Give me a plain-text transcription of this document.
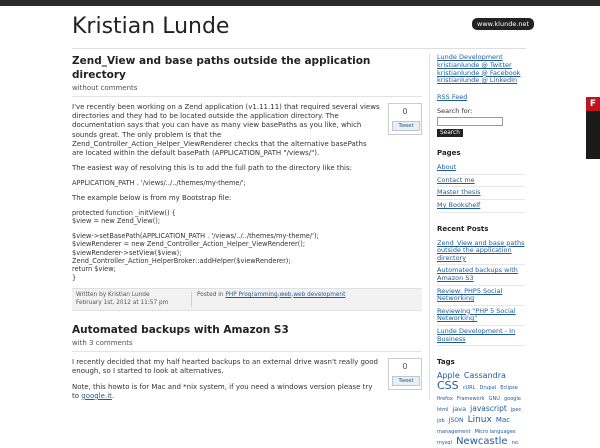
Kristian Lunde	www.klunde.net
Zend_View and base paths outside the application directory
without comments
0
Tweet

I've recently been working on a Zend application (v1.11.11) that required several views directories and they had to be located outside the application directory. The documentation says that you can have as many view basePaths as you like, which sounds great. The only problem is that the Zend_Controller_Action_Helper_ViewRenderer checks that the alternative basePaths are located within the default basePath (APPLICATION_PATH "/views/").

The easiest way of resolving this is to add the full path to the directory like this:

APPLICATION_PATH . '/views/../../themes/my-theme/';

The example below is from my Bootstrap file:

protected function _initView() {
$view = new Zend_View();
$view->setBasePath(APPLICATION_PATH . '/views/../../themes/my-theme/');
$viewRenderer = new Zend_Controller_Action_Helper_ViewRenderer();
$viewRenderer->setView($view);
Zend_Controller_Action_HelperBroker::addHelper($viewRenderer);
return $view;
}
Written by Kristian Lunde
February 1st, 2012 at 11:57 pm
Posted in PHP Programming,web,web development
Automated backups with Amazon S3
with 3 comments
0
Tweet

I recently decided that my half hearted backups to an external drive wasn't really good enough, so I started to look at alternatives.

Note, this howto is for Mac and *nix system, if you need a windows version please try to google.it.

Lunde Development
kristianlunde @ Twitter
kristianlunde @ Facebook
kristianlunde @ LinkedIn
RSS Feed
Search for:
Search
Pages
About
Contact me
Master thesis
My Bookshelf
Recent Posts
Zend_View and base paths outside the application directory
Automated backups with Amazon S3
Review: PHP5 Social Networking
Reviewing "PHP 5 Social Networking"
Lunde Development - In Business
Tags
Apple Cassandra CSS cURL Drupal Eclipse firefox Framework GNU google html java javascript jpec job JSON Linux Mac management Micro languages mysql Newcastle no
F
